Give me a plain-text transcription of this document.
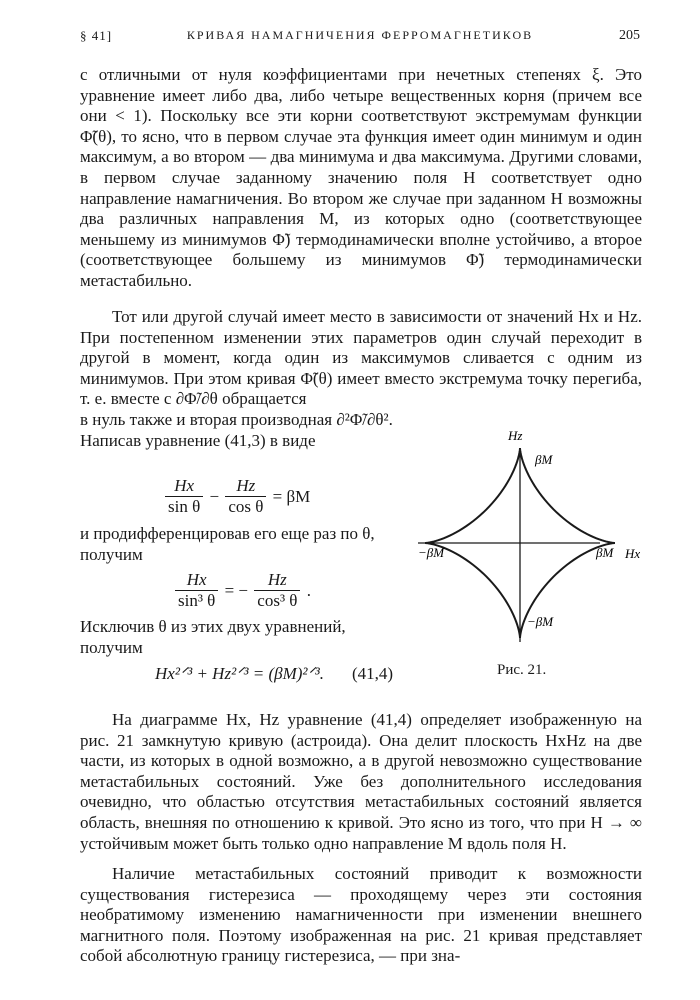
§ 41]	КРИВАЯ НАМАГНИЧЕНИЯ ФЕРРОМАГНЕТИКОВ	205

с отличными от нуля коэффициентами при нечетных степенях ξ. Это уравнение имеет либо два, либо четыре вещественных корня (причем все они < 1). Поскольку все эти корни соответствуют экстремумам функции Φ̃(θ), то ясно, что в первом случае эта функция имеет один минимум и один максимум, а во втором — два минимума и два максимума. Другими словами, в первом случае заданному значению поля H соответствует одно направление намагничения. Во втором же случае при заданном H возможны два различных направления M, из которых одно (соответствующее меньшему из минимумов Φ̃) термодинамически вполне устойчиво, а второе (соответствующее большему из минимумов Φ̃) термодинамически метастабильно.

Тот или другой случай имеет место в зависимости от значений Hx и Hz. При постепенном изменении этих параметров один случай переходит в другой в момент, когда один из максимумов сливается с одним из минимумов. При этом кривая Φ̃(θ) имеет вместо экстремума точку перегиба, т. е. вместе с ∂Φ̃/∂θ обращается

в нуль также и вторая производная ∂²Φ̃/∂θ². Написав уравнение (41,3) в виде

$\frac{Hx}{\text{sin θ}} - \frac{Hz}{\text{cos θ}} = \beta M$

и продифференцировав его еще раз по θ, получим

$\frac{Hx}{\text{sin³ θ}}$ = − $\frac{Hz}{\text{cos³ θ}}$ .

Исключив θ из этих двух уравнений, получим

Hx²ᐟ³ + Hz²ᐟ³ = (βM)²ᐟ³. (41,4)
Hz
Hx
βM
−βM
−βM	βM
Рис. 21.

На диаграмме Hx, Hz уравнение (41,4) определяет изображенную на рис. 21 замкнутую кривую (астроида). Она делит плоскость HxHz на две части, из которых в одной возможно, а в другой невозможно существование метастабильных состояний. Уже без дополнительного исследования очевидно, что областью отсутствия метастабильных состояний является область, внешняя по отношению к кривой. Это ясно из того, что при H → ∞ устойчивым может быть только одно направление M вдоль поля H.

Наличие метастабильных состояний приводит к возможности существования гистерезиса — проходящему через эти состояния необратимому изменению намагниченности при изменении внешнего магнитного поля. Поэтому изображенная на рис. 21 кривая представляет собой абсолютную границу гистерезиса, — при зна-
